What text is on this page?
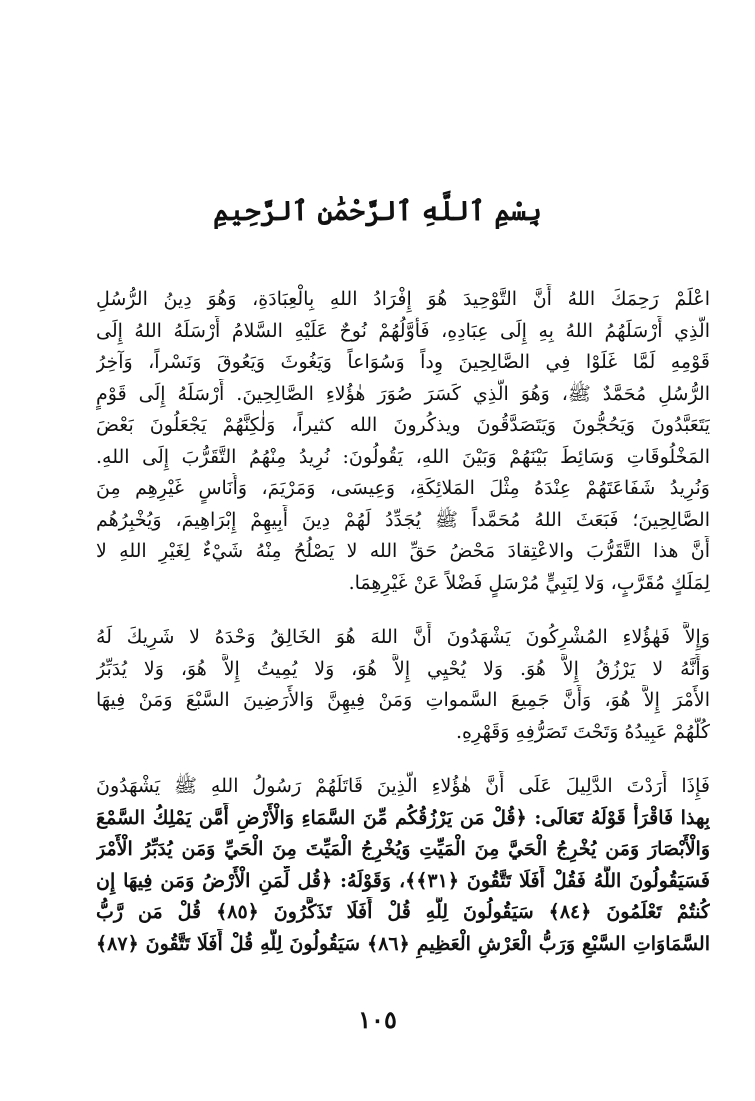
بِسْمِ ٱللَّهِ ٱلرَّحْمَٰنِ ٱلرَّحِيمِ
اعْلَمْ رَحِمَكَ اللهُ أَنَّ التَّوْحِيدَ هُوَ إِفْرَادُ اللهِ بِالْعِبَادَةِ، وَهُوَ دِينُ الرُّسُلِ
الَّذِي أَرْسَلَهُمُ اللهُ بِهِ إِلَى عِبَادِهِ، فَأَوَّلُهُمْ نُوحٌ عَلَيْهِ السَّلامُ أَرْسَلَهُ اللهُ إِلَى
قَوْمِهِ لَمَّا غَلَوْا فِي الصَّالِحِينَ وِداً وَسُوَاعاً وَيَغُوثَ وَيَعُوقَ وَنَسْراً، وَآخِرُ
الرُّسُلِ مُحَمَّدٌ ﷺ، وَهُوَ الَّذِي كَسَرَ صُوَرَ هٰؤُلاءِ الصَّالِحِينَ. أَرْسَلَهُ إِلَى قَوْمٍ
يَتَعَبَّدُونَ وَيَحُجُّونَ وَيَتَصَدَّقُونَ ويذكُرونَ الله كثيراً، وَلٰكِنَّهُمْ يَجْعَلُونَ بَعْضَ
المَخْلُوقَاتِ وَسَائِطَ بَيْنَهُمْ وَبَيْنَ اللهِ، يَقُولُونَ: نُرِيدُ مِنْهُمُ التَّقَرُّبَ إِلَى اللهِ.
وَنُرِيدُ شَفَاعَتَهُمْ عِنْدَهُ مِثْلَ المَلائِكَةِ، وَعِيسَى، وَمَرْيَمَ، وَأُنَاسٍ غَيْرِهِم مِنَ
الصَّالِحِينَ؛ فَبَعَثَ اللهُ مُحَمَّداً ﷺ يُجَدِّدُ لَهُمْ دِينَ أَبِيهِمْ إِبْرَاهِيمَ، وَيُخْبِرُهُم
أَنَّ هذا التَّقَرُّبَ والاعْتِقادَ مَحْضُ حَقِّ الله لا يَصْلُحُ مِنْهُ شَيْءٌ لِغَيْرِ اللهِ لا
لِمَلَكٍ مُقَرَّبٍ، وَلا لِنَبِيٍّ مُرْسَلٍ فَضْلاً عَنْ غَيْرِهِمَا.
وَإِلاَّ فَهٰؤُلاءِ المُشْرِكُونَ يَشْهَدُونَ أَنَّ اللهَ هُوَ الخَالِقُ وَحْدَهُ لا شَرِيكَ لَهُ
وَأَنَّهُ لا يَرْزُقُ إِلاَّ هُوَ. وَلا يُحْيِي إِلاَّ هُوَ، وَلا يُمِيتُ إِلاَّ هُوَ، وَلا يُدَبِّرُ
الأَمْرَ إِلاَّ هُوَ، وَأَنَّ جَمِيعَ السَّمواتِ وَمَنْ فِيهِنَّ وَالأَرَضِينَ السَّبْعَ وَمَنْ فِيهَا
كُلُّهُمْ عَبِيدُهُ وَتَحْتَ تَصَرُّفِهِ وَقَهْرِهِ.
فَإِذَا أَرَدْتَ الدَّلِيلَ عَلَى أَنَّ هٰؤُلاءِ الَّذِينَ قَاتَلَهُمْ رَسُولُ اللهِ ﷺ يَشْهَدُونَ
بِهذا فَاقْرَأْ قَوْلَهُ تَعَالَى: ﴿قُلْ مَن يَرْزُقُكُم مِّنَ السَّمَاءِ وَالْأَرْضِ أَمَّن يَمْلِكُ السَّمْعَ
وَالْأَبْصَارَ وَمَن يُخْرِجُ الْحَيَّ مِنَ الْمَيِّتِ وَيُخْرِجُ الْمَيِّتَ مِنَ الْحَيِّ وَمَن يُدَبِّرُ الْأَمْرَ
فَسَيَقُولُونَ اللَّهُ فَقُلْ أَفَلَا تَتَّقُونَ ﴿٣١﴾﴾، وَقَوْلَهُ: ﴿قُل لِّمَنِ الْأَرْضُ وَمَن فِيهَا إِن
كُنتُمْ تَعْلَمُونَ ﴿٨٤﴾ سَيَقُولُونَ لِلَّهِ قُلْ أَفَلَا تَذَكَّرُونَ ﴿٨٥﴾ قُلْ مَن رَّبُّ
السَّمَاوَاتِ السَّبْعِ وَرَبُّ الْعَرْشِ الْعَظِيمِ ﴿٨٦﴾ سَيَقُولُونَ لِلَّهِ قُلْ أَفَلَا تَتَّقُونَ ﴿٨٧﴾
١٠٥
